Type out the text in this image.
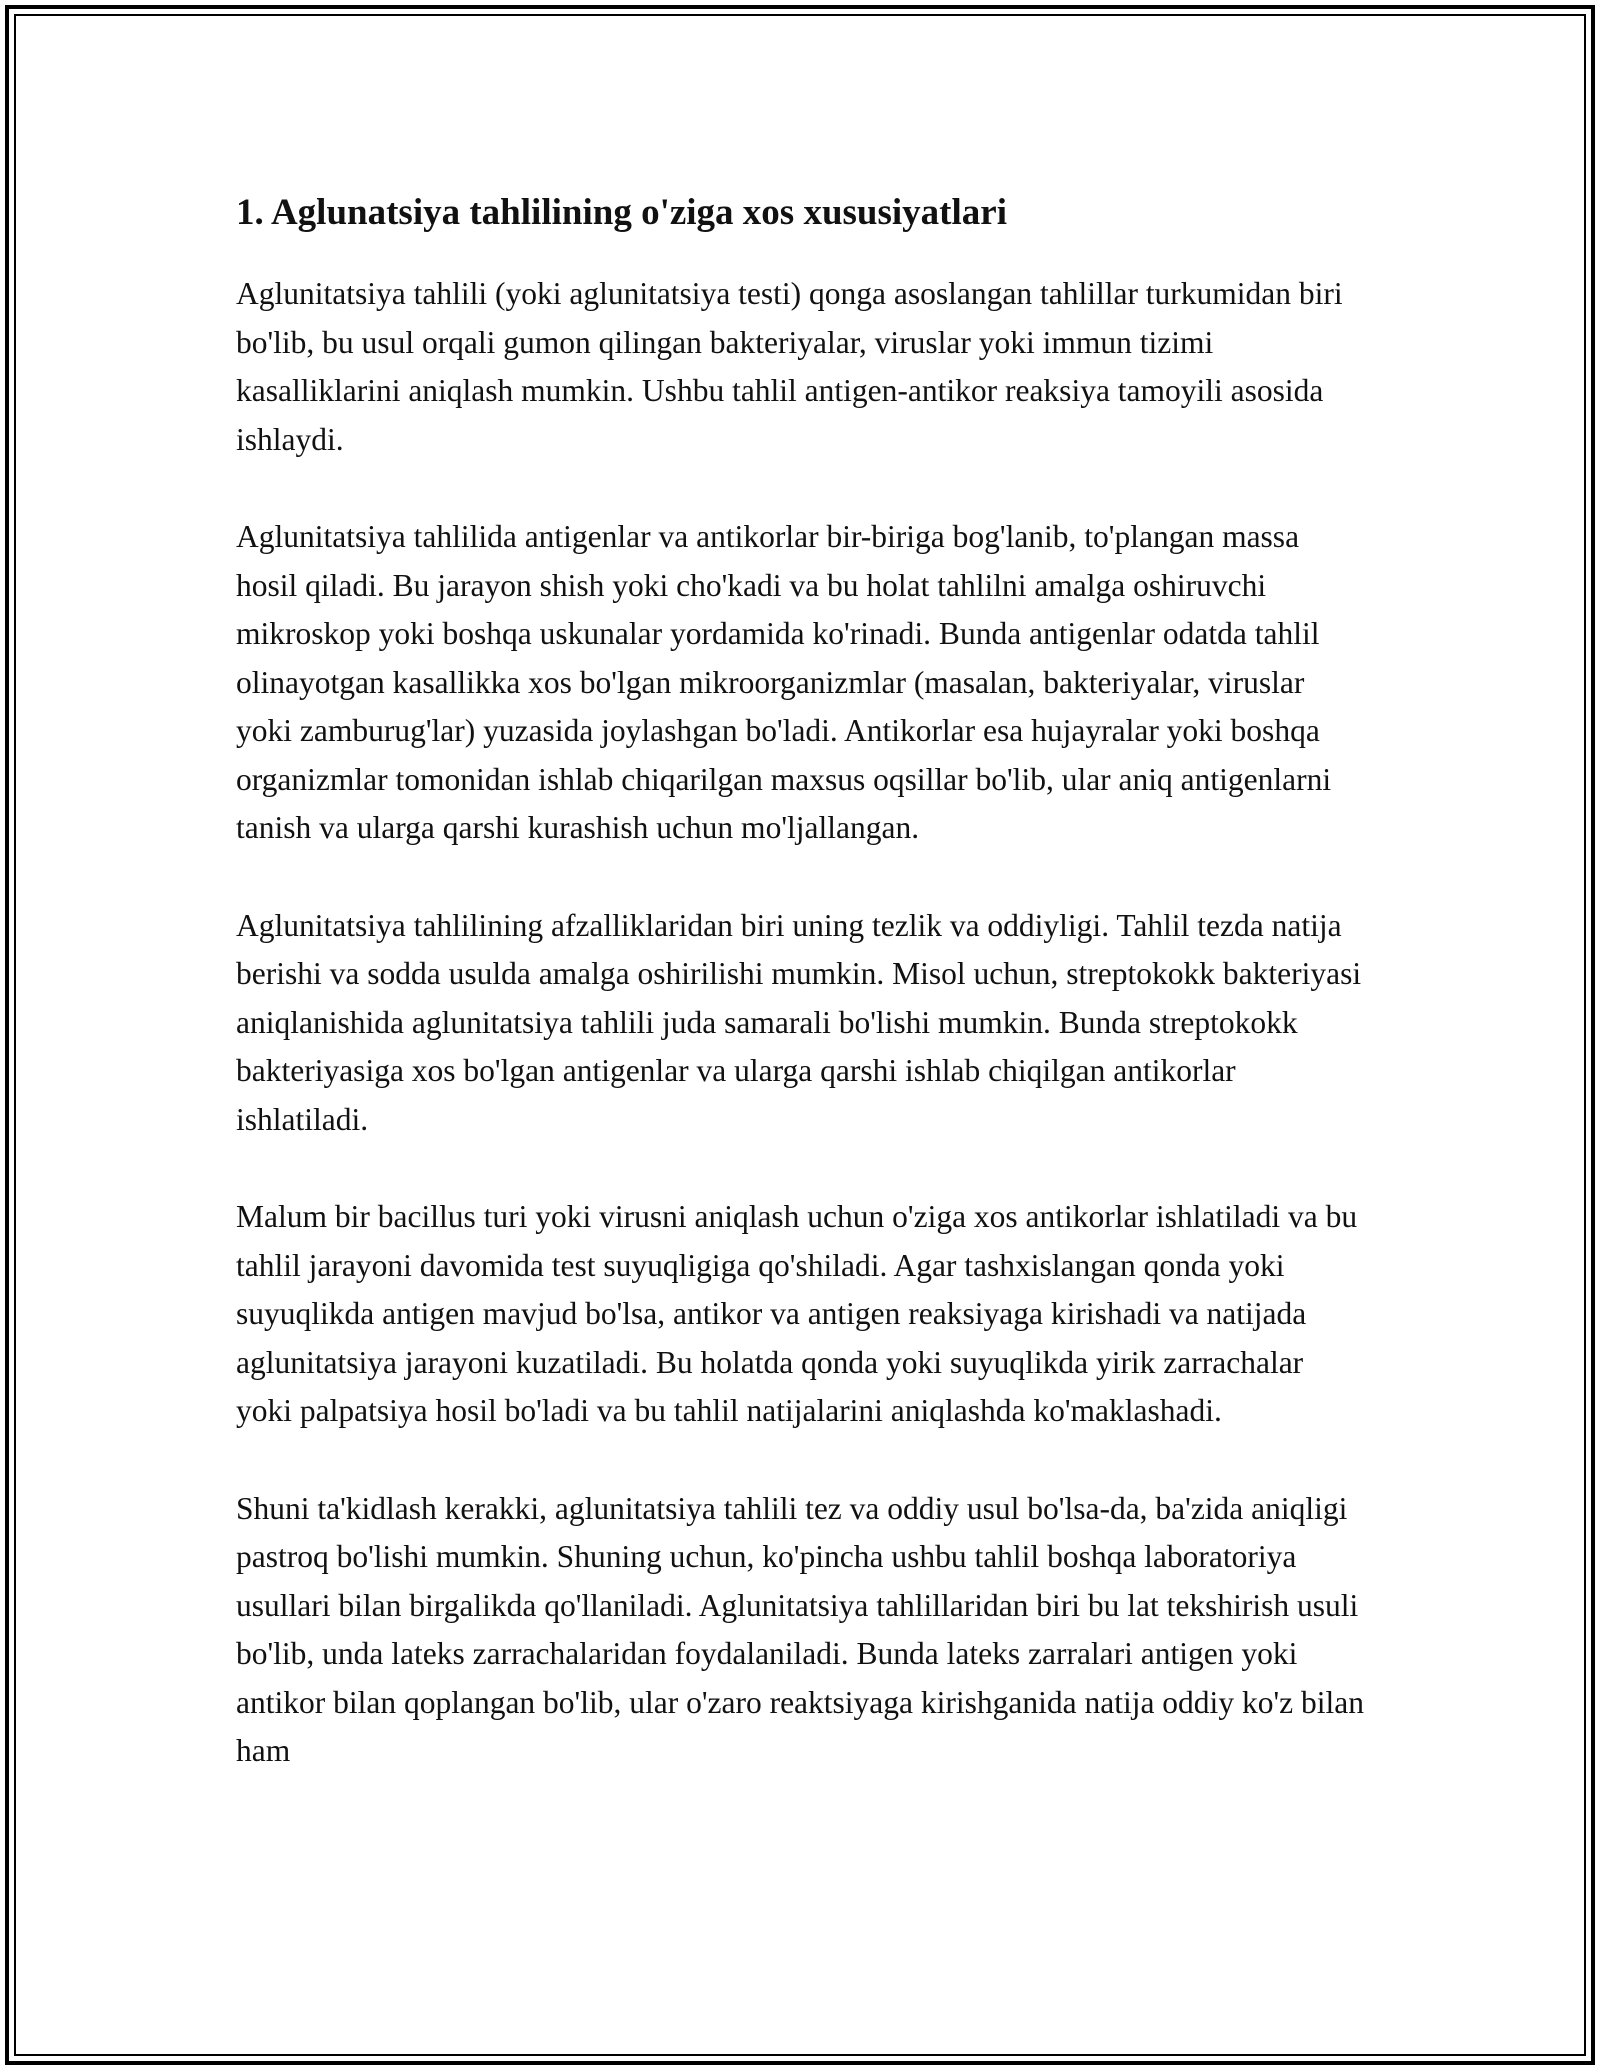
1. Aglunatsiya tahlilining o'ziga xos xususiyatlari

Aglunitatsiya tahlili (yoki aglunitatsiya testi) qonga asoslangan tahlillar turkumidan biri bo'lib, bu usul orqali gumon qilingan bakteriyalar, viruslar yoki immun tizimi kasalliklarini aniqlash mumkin. Ushbu tahlil antigen-antikor reaksiya tamoyili asosida ishlaydi.

Aglunitatsiya tahlilida antigenlar va antikorlar bir-biriga bog'lanib, to'plangan massa hosil qiladi. Bu jarayon shish yoki cho'kadi va bu holat tahlilni amalga oshiruvchi mikroskop yoki boshqa uskunalar yordamida ko'rinadi. Bunda antigenlar odatda tahlil olinayotgan kasallikka xos bo'lgan mikroorganizmlar (masalan, bakteriyalar, viruslar yoki zamburug'lar) yuzasida joylashgan bo'ladi. Antikorlar esa hujayralar yoki boshqa organizmlar tomonidan ishlab chiqarilgan maxsus oqsillar bo'lib, ular aniq antigenlarni tanish va ularga qarshi kurashish uchun mo'ljallangan.

Aglunitatsiya tahlilining afzalliklaridan biri uning tezlik va oddiyligi. Tahlil tezda natija berishi va sodda usulda amalga oshirilishi mumkin. Misol uchun, streptokokk bakteriyasi aniqlanishida aglunitatsiya tahlili juda samarali bo'lishi mumkin. Bunda streptokokk bakteriyasiga xos bo'lgan antigenlar va ularga qarshi ishlab chiqilgan antikorlar ishlatiladi.

Malum bir bacillus turi yoki virusni aniqlash uchun o'ziga xos antikorlar ishlatiladi va bu tahlil jarayoni davomida test suyuqligiga qo'shiladi. Agar tashxislangan qonda yoki suyuqlikda antigen mavjud bo'lsa, antikor va antigen reaksiyaga kirishadi va natijada aglunitatsiya jarayoni kuzatiladi. Bu holatda qonda yoki suyuqlikda yirik zarrachalar yoki palpatsiya hosil bo'ladi va bu tahlil natijalarini aniqlashda ko'maklashadi.

Shuni ta'kidlash kerakki, aglunitatsiya tahlili tez va oddiy usul bo'lsa-da, ba'zida aniqligi pastroq bo'lishi mumkin. Shuning uchun, ko'pincha ushbu tahlil boshqa laboratoriya usullari bilan birgalikda qo'llaniladi. Aglunitatsiya tahlillaridan biri bu lat tekshirish usuli bo'lib, unda lateks zarrachalaridan foydalaniladi. Bunda lateks zarralari antigen yoki antikor bilan qoplangan bo'lib, ular o'zaro reaktsiyaga kirishganida natija oddiy ko'z bilan ham
